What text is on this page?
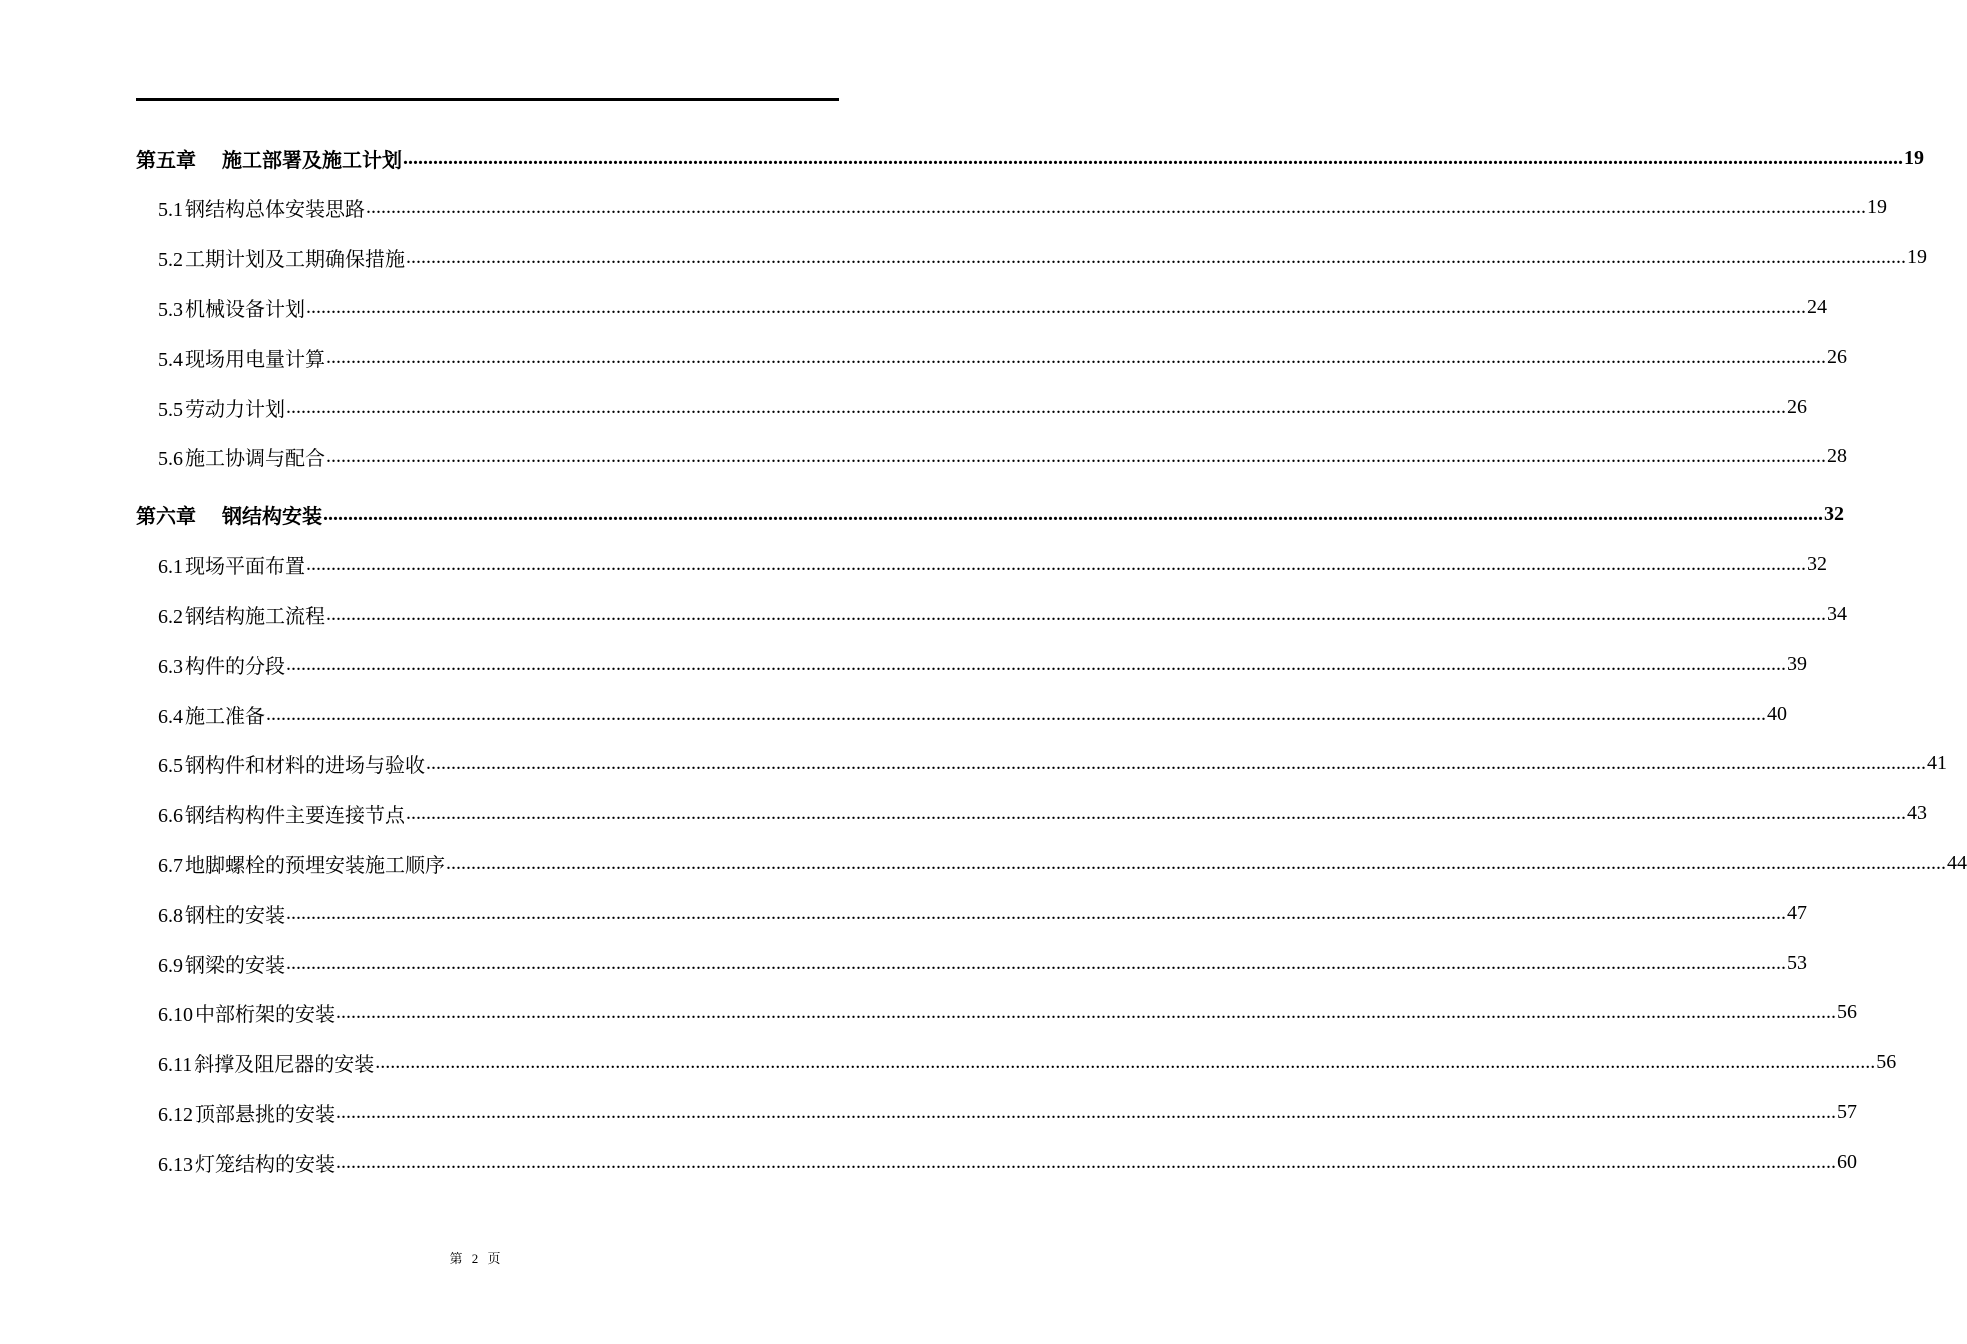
第五章 施工部署及施工计划 ............................................................................................................................................................................................................................................................................................................ 19
5.1 钢结构总体安装思路 ............................................................................................................................................................................................................................................................................................................ 19
5.2 工期计划及工期确保措施 ............................................................................................................................................................................................................................................................................................................ 19
5.3 机械设备计划 ............................................................................................................................................................................................................................................................................................................ 24
5.4 现场用电量计算 ............................................................................................................................................................................................................................................................................................................ 26
5.5 劳动力计划 ............................................................................................................................................................................................................................................................................................................ 26
5.6 施工协调与配合 ............................................................................................................................................................................................................................................................................................................ 28
第六章 钢结构安装 ............................................................................................................................................................................................................................................................................................................ 32
6.1 现场平面布置 ............................................................................................................................................................................................................................................................................................................ 32
6.2 钢结构施工流程 ............................................................................................................................................................................................................................................................................................................ 34
6.3 构件的分段 ............................................................................................................................................................................................................................................................................................................ 39
6.4 施工准备 ............................................................................................................................................................................................................................................................................................................ 40
6.5 钢构件和材料的进场与验收 ............................................................................................................................................................................................................................................................................................................ 41
6.6 钢结构构件主要连接节点 ............................................................................................................................................................................................................................................................................................................ 43
6.7 地脚螺栓的预埋安装施工顺序 ............................................................................................................................................................................................................................................................................................................ 44
6.8 钢柱的安装 ............................................................................................................................................................................................................................................................................................................ 47
6.9 钢梁的安装 ............................................................................................................................................................................................................................................................................................................ 53
6.10 中部桁架的安装 ............................................................................................................................................................................................................................................................................................................ 56
6.11 斜撑及阻尼器的安装 ............................................................................................................................................................................................................................................................................................................ 56
6.12 顶部悬挑的安装 ............................................................................................................................................................................................................................................................................................................ 57
6.13 灯笼结构的安装 ............................................................................................................................................................................................................................................................................................................ 60
第 2 页
